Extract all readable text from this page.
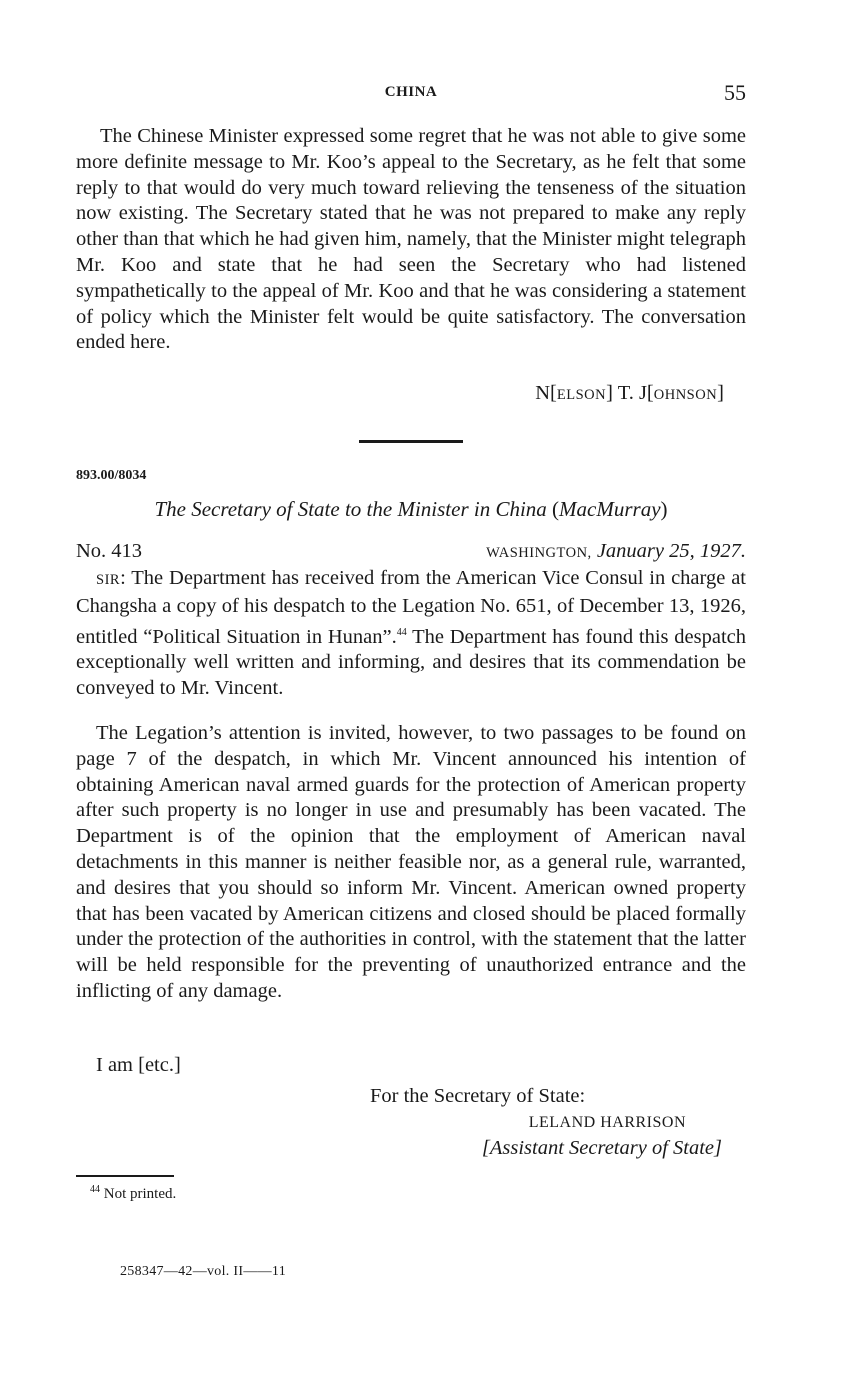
CHINA	55
The Chinese Minister expressed some regret that he was not able to give some more definite message to Mr. Koo’s appeal to the Secretary, as he felt that some reply to that would do very much toward relieving the tenseness of the situation now existing. The Secretary stated that he was not prepared to make any reply other than that which he had given him, namely, that the Minister might telegraph Mr. Koo and state that he had seen the Secretary who had listened sympathetically to the appeal of Mr. Koo and that he was considering a statement of policy which the Minister felt would be quite satisfactory. The conversation ended here.
N[ELSON] T. J[OHNSON]
893.00/8034
The Secretary of State to the Minister in China (MacMurray)
No. 413	WASHINGTON, January 25, 1927.
SIR: The Department has received from the American Vice Consul in charge at Changsha a copy of his despatch to the Legation No. 651, of December 13, 1926, entitled “Political Situation in Hunan”.$^{44}$ The Department has found this despatch exceptionally well written and informing, and desires that its commendation be conveyed to Mr. Vincent.
The Legation’s attention is invited, however, to two passages to be found on page 7 of the despatch, in which Mr. Vincent announced his intention of obtaining American naval armed guards for the protection of American property after such property is no longer in use and presumably has been vacated. The Department is of the opinion that the employment of American naval detachments in this manner is neither feasible nor, as a general rule, warranted, and desires that you should so inform Mr. Vincent. American owned property that has been vacated by American citizens and closed should be placed formally under the protection of the authorities in control, with the statement that the latter will be held responsible for the preventing of unauthorized entrance and the inflicting of any damage.
I am [etc.]
For the Secretary of State:
LELAND HARRISON
[Assistant Secretary of State]
$^{44}$ Not printed.
258347—42—vol. II——11
